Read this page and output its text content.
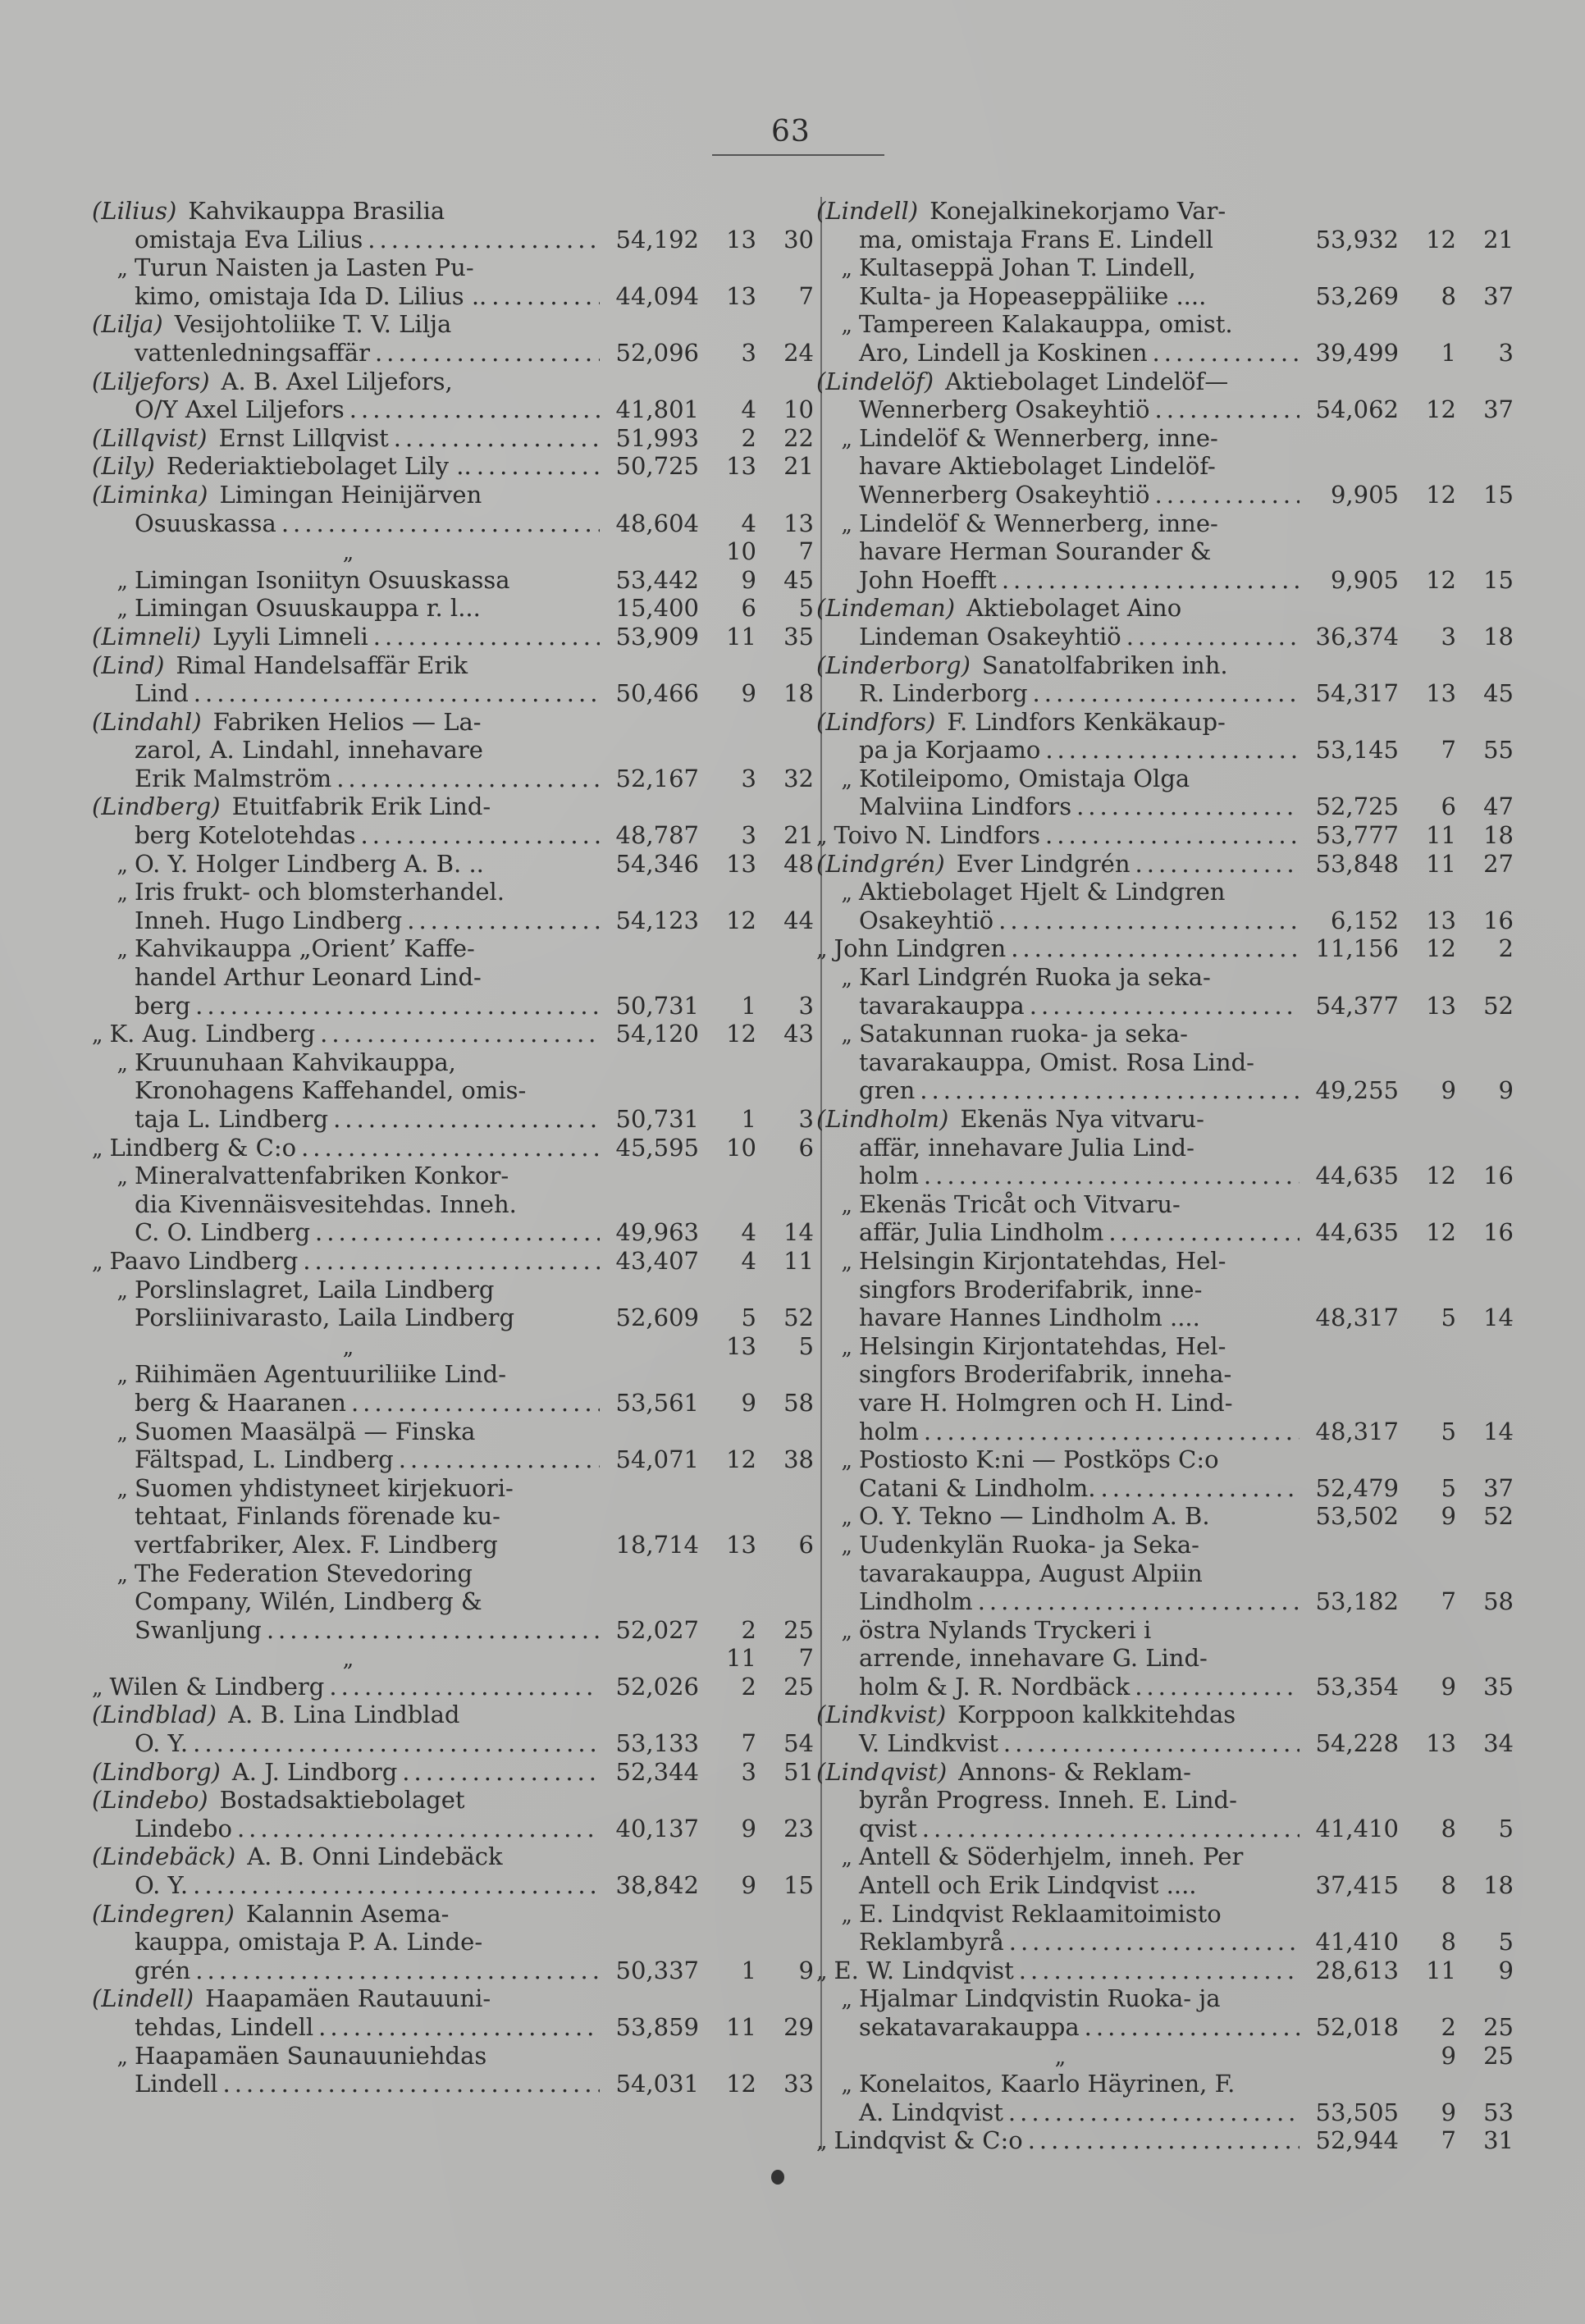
63
(Lilius) Kahvikauppa Brasilia
omistaja Eva Lilius .....	54,192	13	30
„ Turun Naisten ja Lasten Pu-
kimo, omistaja Ida D. Lilius .. .....	44,094	13	7
(Lilja) Vesijohtoliike T. V. Lilja
vattenledningsaffär .....	52,096	3	24
(Liljefors) A. B. Axel Liljefors,
O/Y Axel Liljefors .....	41,801	4	10
(Lillqvist) Ernst Lillqvist .....	51,993	2	22
(Lily) Rederiaktiebolaget Lily .. .....	50,725	13	21
(Liminka) Limingan Heinijärven
Osuuskassa .....	48,604	4	13
„	10	7
„ Limingan Isoniityn Osuuskassa	53,442	9	45
„ Limingan Osuuskauppa r. l...	15,400	6	5
(Limneli) Lyyli Limneli .....	53,909	11	35
(Lind) Rimal Handelsaffär Erik
Lind .....	50,466	9	18
(Lindahl) Fabriken Helios — La-
zarol, A. Lindahl, innehavare
Erik Malmström .....	52,167	3	32
(Lindberg) Etuitfabrik Erik Lind-
berg Kotelotehdas .....	48,787	3	21
„ O. Y. Holger Lindberg A. B. ..	54,346	13	48
„ Iris frukt- och blomsterhandel.
Inneh. Hugo Lindberg .....	54,123	12	44
„ Kahvikauppa „Orient’ Kaffe-
handel Arthur Leonard Lind-
berg .....	50,731	1	3
„ K. Aug. Lindberg .....	54,120	12	43
„ Kruunuhaan Kahvikauppa,
Kronohagens Kaffehandel, omis-
taja L. Lindberg .....	50,731	1	3
„ Lindberg & C:o .....	45,595	10	6
„ Mineralvattenfabriken Konkor-
dia Kivennäisvesitehdas. Inneh.
C. O. Lindberg .....	49,963	4	14
„ Paavo Lindberg .....	43,407	4	11
„ Porslinslagret, Laila Lindberg
Porsliinivarasto, Laila Lindberg	52,609	5	52
„	13	5
„ Riihimäen Agentuuriliike Lind-
berg & Haaranen .....	53,561	9	58
„ Suomen Maasälpä — Finska
Fältspad, L. Lindberg .....	54,071	12	38
„ Suomen yhdistyneet kirjekuori-
tehtaat, Finlands förenade ku-
vertfabriker, Alex. F. Lindberg	18,714	13	6
„ The Federation Stevedoring
Company, Wilén, Lindberg &
Swanljung .....	52,027	2	25
„	11	7
„ Wilen & Lindberg .....	52,026	2	25
(Lindblad) A. B. Lina Lindblad
O. Y. .....	53,133	7	54
(Lindborg) A. J. Lindborg .....	52,344	3	51
(Lindebo) Bostadsaktiebolaget
Lindebo .....	40,137	9	23
(Lindebäck) A. B. Onni Lindebäck
O. Y. .....	38,842	9	15
(Lindegren) Kalannin Asema-
kauppa, omistaja P. A. Linde-
grén .....	50,337	1	9
(Lindell) Haapamäen Rautauuni-
tehdas, Lindell .....	53,859	11	29
„ Haapamäen Saunauuniehdas
Lindell .....	54,031	12	33
(Lindell) Konejalkinekorjamo Var-
ma, omistaja Frans E. Lindell	53,932	12	21
„ Kultaseppä Johan T. Lindell,
Kulta- ja Hopeaseppäliike ....	53,269	8	37
„ Tampereen Kalakauppa, omist.
Aro, Lindell ja Koskinen .....	39,499	1	3
(Lindelöf) Aktiebolaget Lindelöf—
Wennerberg Osakeyhtiö .....	54,062	12	37
„ Lindelöf & Wennerberg, inne-
havare Aktiebolaget Lindelöf-
Wennerberg Osakeyhtiö .....	9,905	12	15
„ Lindelöf & Wennerberg, inne-
havare Herman Sourander &
John Hoefft .....	9,905	12	15
(Lindeman) Aktiebolaget Aino
Lindeman Osakeyhtiö .....	36,374	3	18
(Linderborg) Sanatolfabriken inh.
R. Linderborg .....	54,317	13	45
(Lindfors) F. Lindfors Kenkäkaup-
pa ja Korjaamo .....	53,145	7	55
„ Kotileipomo, Omistaja Olga
Malviina Lindfors .....	52,725	6	47
„ Toivo N. Lindfors .....	53,777	11	18
(Lindgrén) Ever Lindgrén .....	53,848	11	27
„ Aktiebolaget Hjelt & Lindgren
Osakeyhtiö .....	6,152	13	16
„ John Lindgren .....	11,156	12	2
„ Karl Lindgrén Ruoka ja seka-
tavarakauppa .....	54,377	13	52
„ Satakunnan ruoka- ja seka-
tavarakauppa, Omist. Rosa Lind-
gren .....	49,255	9	9
(Lindholm) Ekenäs Nya vitvaru-
affär, innehavare Julia Lind-
holm .....	44,635	12	16
„ Ekenäs Tricåt och Vitvaru-
affär, Julia Lindholm .....	44,635	12	16
„ Helsingin Kirjontatehdas, Hel-
singfors Broderifabrik, inne-
havare Hannes Lindholm ....	48,317	5	14
„ Helsingin Kirjontatehdas, Hel-
singfors Broderifabrik, inneha-
vare H. Holmgren och H. Lind-
holm .....	48,317	5	14
„ Postiosto K:ni — Postköps C:o
Catani & Lindholm. .....	52,479	5	37
„ O. Y. Tekno — Lindholm A. B.	53,502	9	52
„ Uudenkylän Ruoka- ja Seka-
tavarakauppa, August Alpiin
Lindholm .....	53,182	7	58
„ östra Nylands Tryckeri i
arrende, innehavare G. Lind-
holm & J. R. Nordbäck .....	53,354	9	35
(Lindkvist) Korppoon kalkkitehdas
V. Lindkvist .....	54,228	13	34
(Lindqvist) Annons- & Reklam-
byrån Progress. Inneh. E. Lind-
qvist .....	41,410	8	5
„ Antell & Söderhjelm, inneh. Per
Antell och Erik Lindqvist ....	37,415	8	18
„ E. Lindqvist Reklaamitoimisto
Reklambyrå .....	41,410	8	5
„ E. W. Lindqvist .....	28,613	11	9
„ Hjalmar Lindqvistin Ruoka- ja
sekatavarakauppa .....	52,018	2	25
„	9	25
„ Konelaitos, Kaarlo Häyrinen, F.
A. Lindqvist .....	53,505	9	53
„ Lindqvist & C:o .....	52,944	7	31
